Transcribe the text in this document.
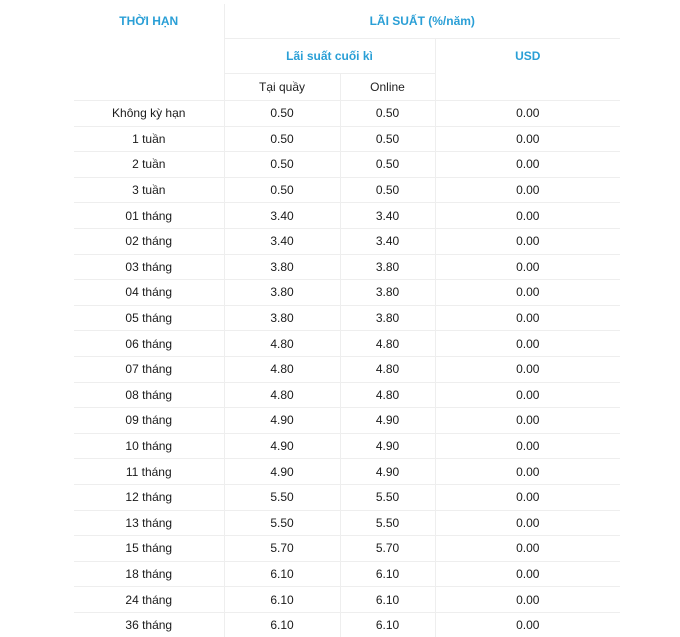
THỜI HẠN	LÃI SUẤT (%/năm)		
	Lãi suất cuối kì		USD
	Tại quầy	Online	
Không kỳ hạn	0.50	0.50	0.00
1 tuần	0.50	0.50	0.00
2 tuần	0.50	0.50	0.00
3 tuần	0.50	0.50	0.00
01 tháng	3.40	3.40	0.00
02 tháng	3.40	3.40	0.00
03 tháng	3.80	3.80	0.00
04 tháng	3.80	3.80	0.00
05 tháng	3.80	3.80	0.00
06 tháng	4.80	4.80	0.00
07 tháng	4.80	4.80	0.00
08 tháng	4.80	4.80	0.00
09 tháng	4.90	4.90	0.00
10 tháng	4.90	4.90	0.00
11 tháng	4.90	4.90	0.00
12 tháng	5.50	5.50	0.00
13 tháng	5.50	5.50	0.00
15 tháng	5.70	5.70	0.00
18 tháng	6.10	6.10	0.00
24 tháng	6.10	6.10	0.00
36 tháng	6.10	6.10	0.00
